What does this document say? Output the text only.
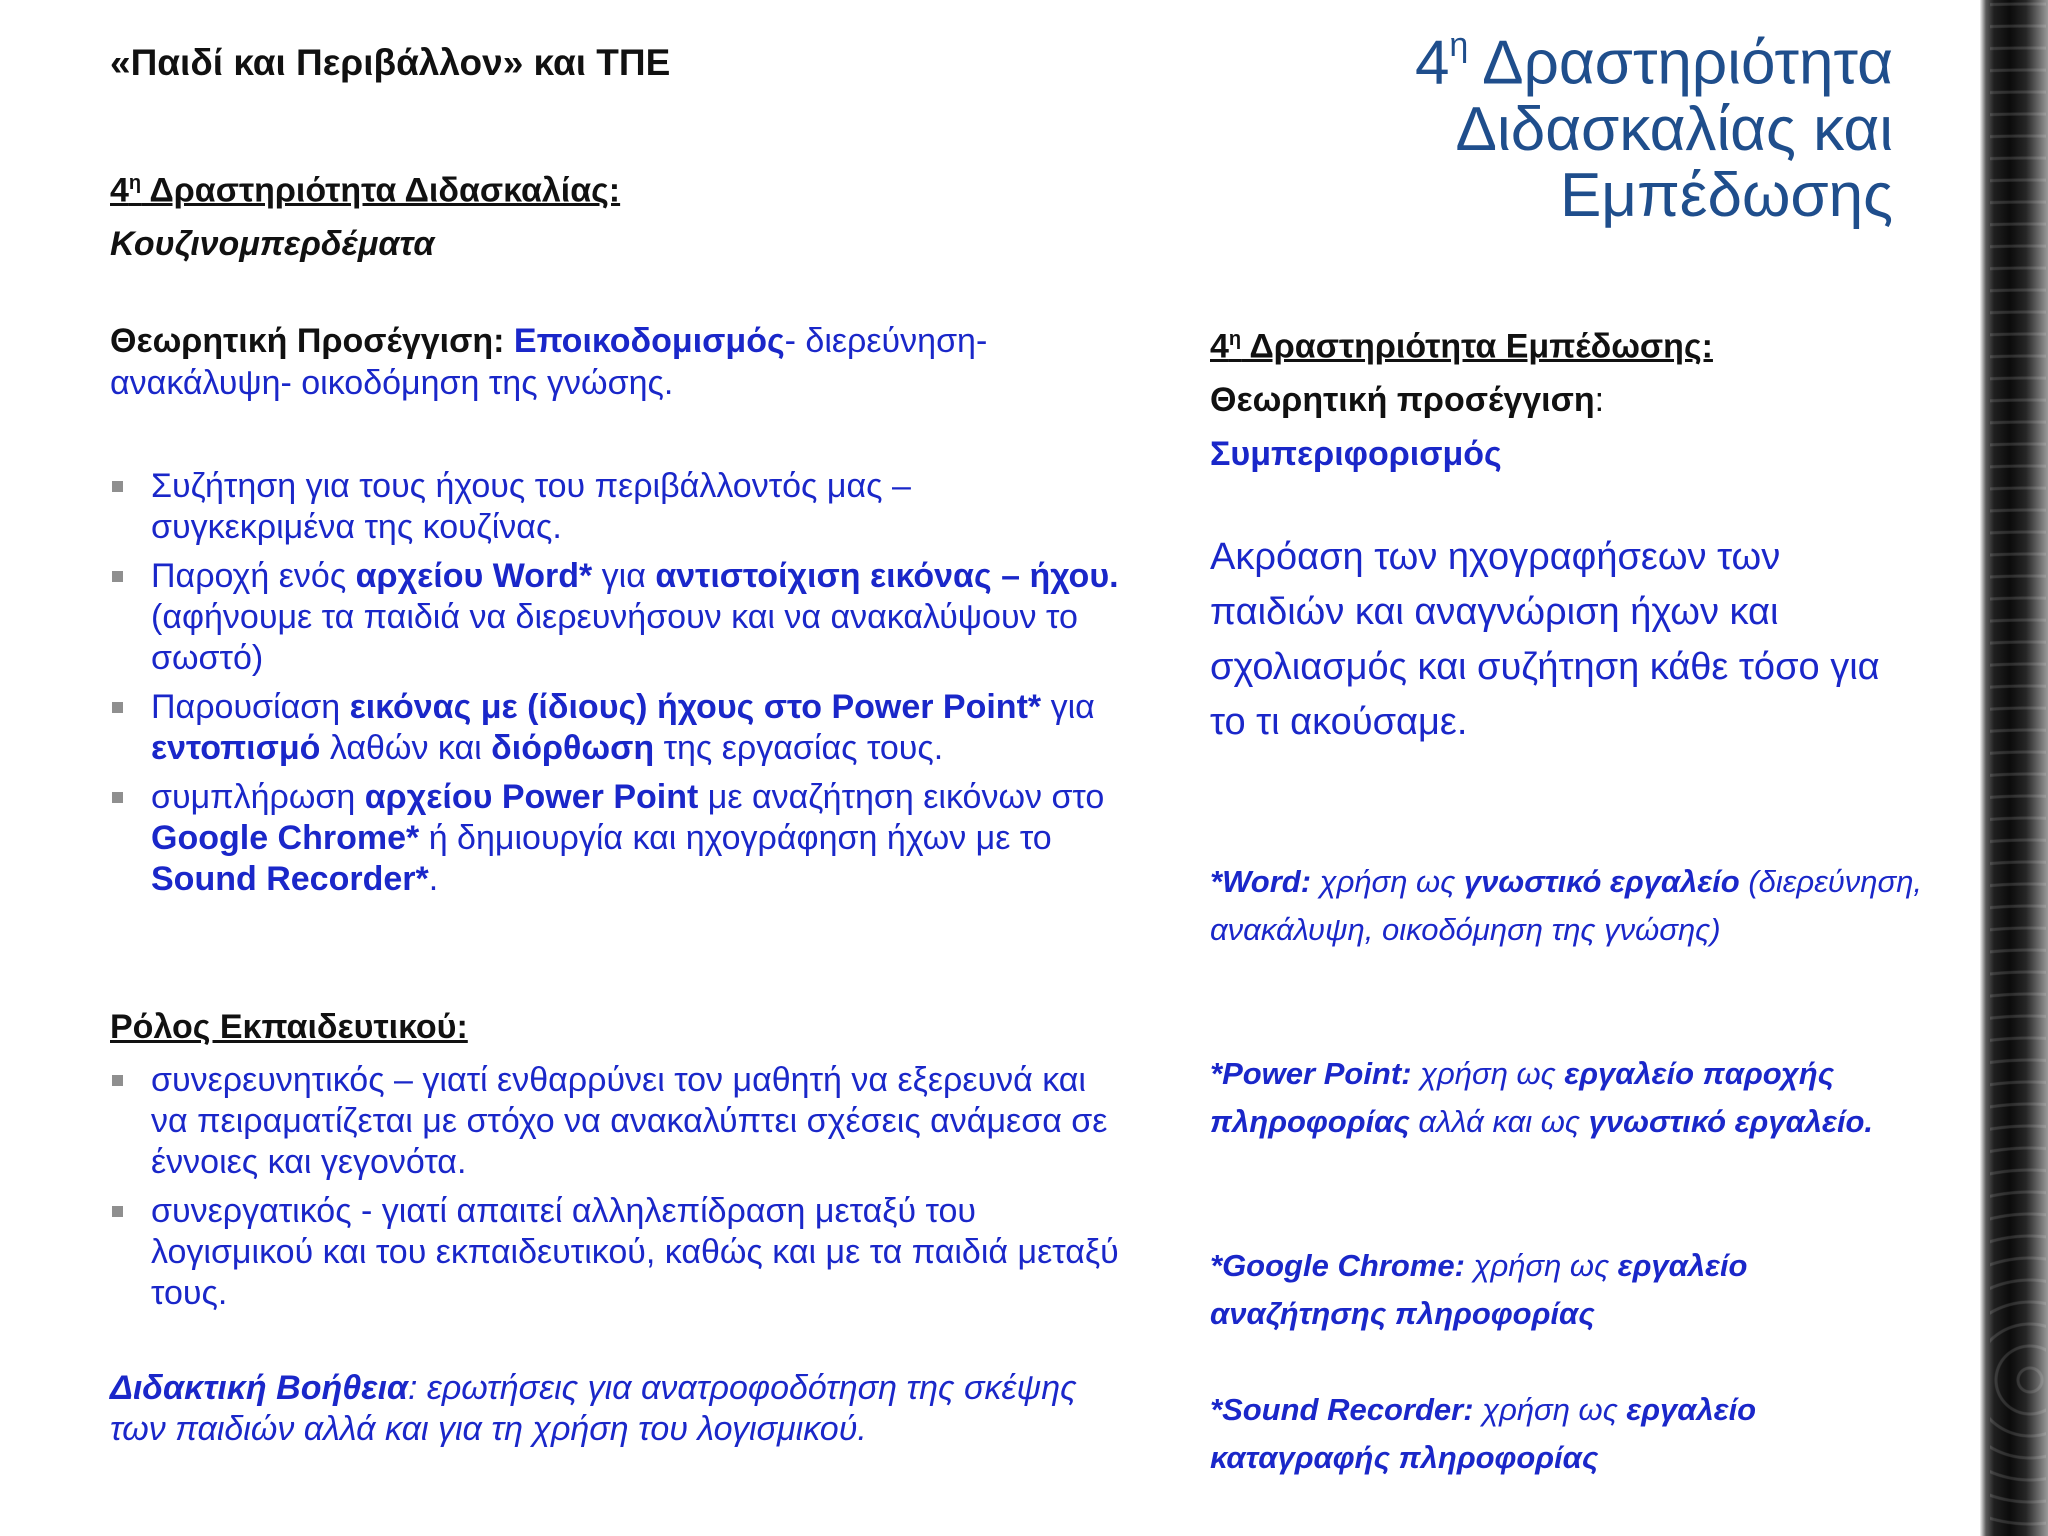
«Παιδί και Περιβάλλον» και ΤΠΕ	$4^\eta$ Δραστηριότητα
Διδασκαλίας και
Εμπέδωσης
$4^\eta$ Δραστηριότητα Διδασκαλίας:
Κουζινομπερδέματα
Θεωρητική Προσέγγιση: Εποικοδομισμός- διερεύνηση-ανακάλυψη- οικοδόμηση της γνώσης.
Συζήτηση για τους ήχους του περιβάλλοντός μας – συγκεκριμένα της κουζίνας.
Παροχή ενός αρχείου Word* για αντιστοίχιση εικόνας – ήχου. (αφήνουμε τα παιδιά να διερευνήσουν και να ανακαλύψουν το σωστό)
Παρουσίαση εικόνας με (ίδιους) ήχους στο Power Point* για εντοπισμό λαθών και διόρθωση της εργασίας τους.
συμπλήρωση αρχείου Power Point με αναζήτηση εικόνων στο Google Chrome* ή δημιουργία και ηχογράφηση ήχων με το Sound Recorder*.
Ρόλος Εκπαιδευτικού:
συνερευνητικός – γιατί ενθαρρύνει τον μαθητή να εξερευνά και να πειραματίζεται με στόχο να ανακαλύπτει σχέσεις ανάμεσα σε έννοιες και γεγονότα.
συνεργατικός - γιατί απαιτεί αλληλεπίδραση μεταξύ του λογισμικού και του εκπαιδευτικού, καθώς και με τα παιδιά μεταξύ τους.
Διδακτική Βοήθεια: ερωτήσεις για ανατροφοδότηση της σκέψης των παιδιών αλλά και για τη χρήση του λογισμικού.
$4^\eta$ Δραστηριότητα Εμπέδωσης:
Θεωρητική προσέγγιση:
Συμπεριφορισμός
Ακρόαση των ηχογραφήσεων των παιδιών και αναγνώριση ήχων και σχολιασμός και συζήτηση κάθε τόσο για το τι ακούσαμε.
*Word: χρήση ως γνωστικό εργαλείο (διερεύνηση, ανακάλυψη, οικοδόμηση της γνώσης)
*Power Point: χρήση ως εργαλείο παροχής πληροφορίας αλλά και ως γνωστικό εργαλείο.
*Google Chrome: χρήση ως εργαλείο αναζήτησης πληροφορίας
*Sound Recorder: χρήση ως εργαλείο καταγραφής πληροφορίας
